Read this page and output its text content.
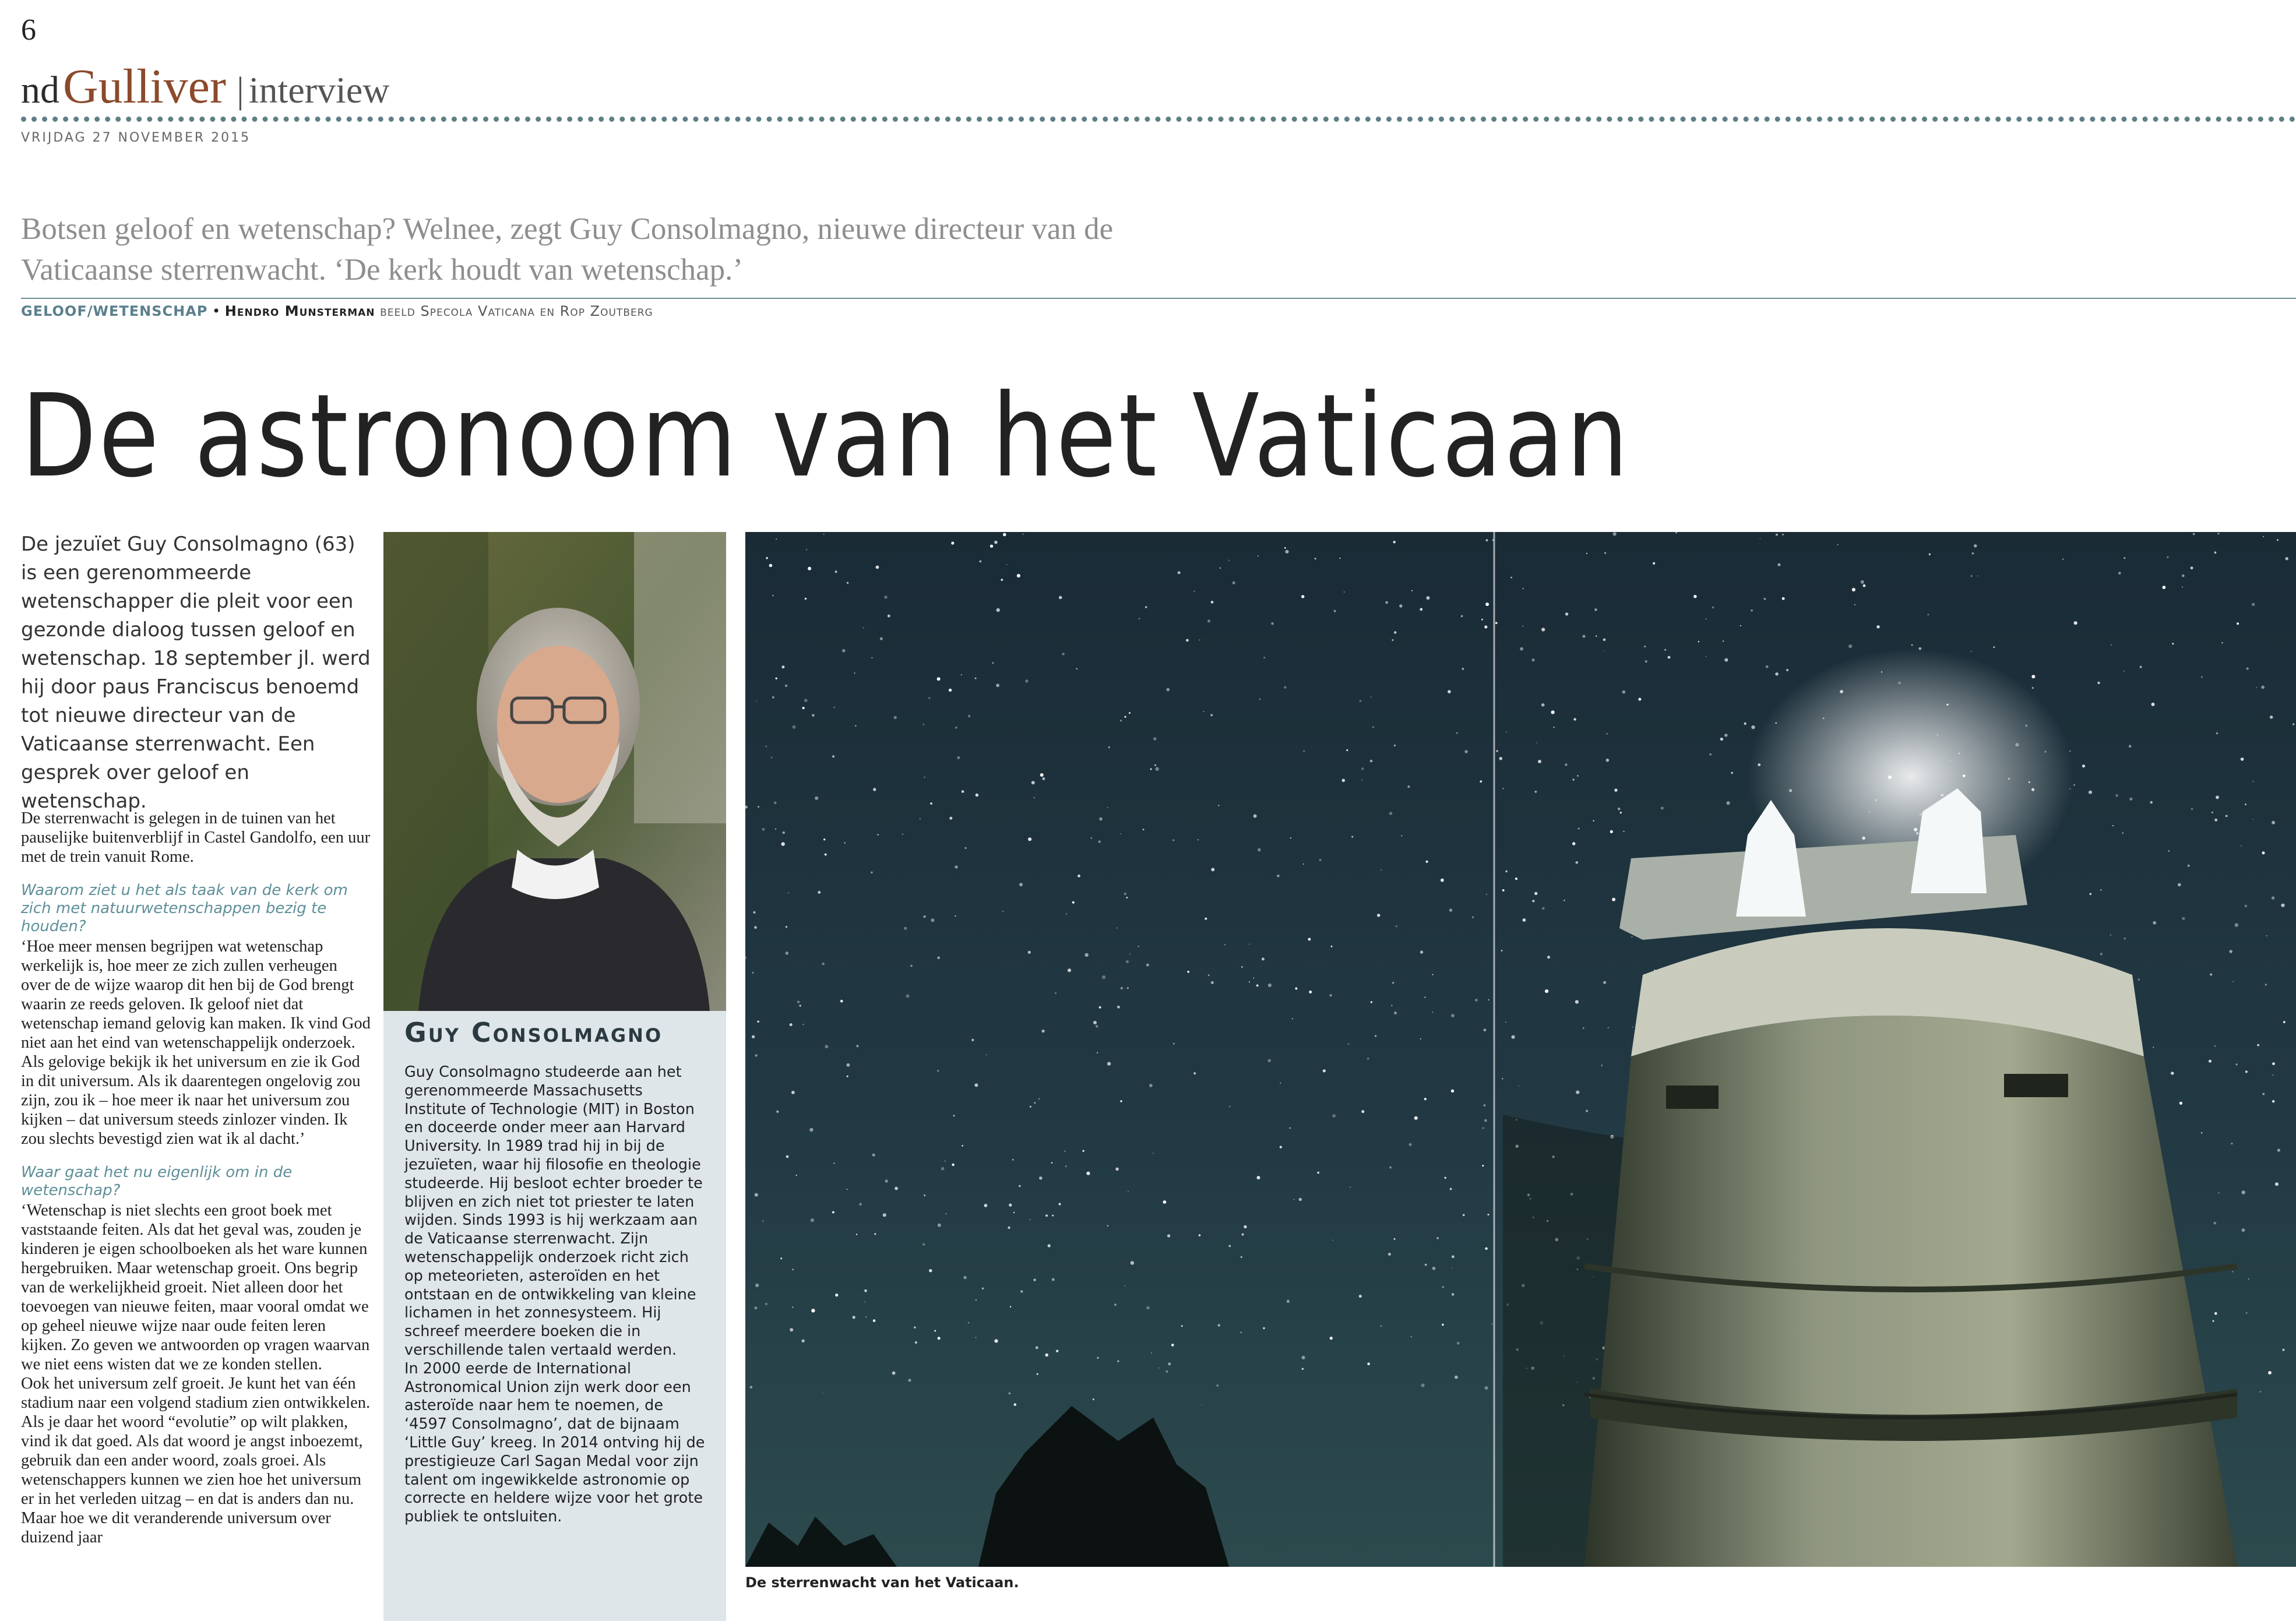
6
ndGulliver | interview
VRIJDAG 27 NOVEMBER 2015
Botsen geloof en wetenschap? Welnee, zegt Guy Consolmagno, nieuwe directeur van de Vaticaanse sterrenwacht. ‘De kerk houdt van wetenschap.’
GELOOF/WETENSCHAP • Hendro Munsterman beeld Specola Vaticana en Rop Zoutberg
De astronoom van het Vaticaan
De jezuïet Guy Consolmagno (63) is een gerenommeerde wetenschapper die pleit voor een gezonde dialoog tussen geloof en wetenschap. 18 september jl. werd hij door paus Franciscus benoemd tot nieuwe directeur van de Vaticaanse sterrenwacht. Een gesprek over geloof en wetenschap.

De sterrenwacht is gelegen in de tuinen van het pauselijke buitenverblijf in Castel Gandolfo, een uur met de trein vanuit Rome.

Waarom ziet u het als taak van de kerk om zich met natuurwetenschappen bezig te houden?

‘Hoe meer mensen begrijpen wat wetenschap werkelijk is, hoe meer ze zich zullen verheugen over de de wijze waarop dit hen bij de God brengt waarin ze reeds geloven. Ik geloof niet dat wetenschap iemand gelovig kan maken. Ik vind God niet aan het eind van wetenschappelijk onderzoek. Als gelovige bekijk ik het universum en zie ik God in dit universum. Als ik daarentegen ongelovig zou zijn, zou ik – hoe meer ik naar het universum zou kijken – dat universum steeds zinlozer vinden. Ik zou slechts bevestigd zien wat ik al dacht.’

Waar gaat het nu eigenlijk om in de wetenschap?

‘Wetenschap is niet slechts een groot boek met vaststaande feiten. Als dat het geval was, zouden je kinderen je eigen schoolboeken als het ware kunnen hergebruiken. Maar wetenschap groeit. Ons begrip van de werkelijkheid groeit. Niet alleen door het toevoegen van nieuwe feiten, maar vooral omdat we op geheel nieuwe wijze naar oude feiten leren kijken. Zo geven we antwoorden op vragen waarvan we niet eens wisten dat we ze konden stellen.

Ook het universum zelf groeit. Je kunt het van één stadium naar een volgend stadium zien ontwikkelen. Als je daar het woord “evolutie” op wilt plakken, vind ik dat goed. Als dat woord je angst inboezemt, gebruik dan een ander woord, zoals groei. Als wetenschappers kunnen we zien hoe het universum er in het verleden uitzag – en dat is anders dan nu. Maar hoe we dit veranderende universum over duizend jaar

Guy Consolmagno
Guy Consolmagno studeerde aan het gerenommeerde Massachusetts Institute of Technologie (MIT) in Boston en doceerde onder meer aan Harvard University. In 1989 trad hij in bij de jezuïeten, waar hij filosofie en theologie studeerde. Hij besloot echter broeder te blijven en zich niet tot priester te laten wijden. Sinds 1993 is hij werkzaam aan de Vaticaanse sterrenwacht. Zijn wetenschappelijk onderzoek richt zich op meteorieten, asteroïden en het ontstaan en de ontwikkeling van kleine lichamen in het zonnesysteem. Hij schreef meerdere boeken die in verschillende talen vertaald werden.
In 2000 eerde de International Astronomical Union zijn werk door een asteroïde naar hem te noemen, de ‘4597 Consolmagno’, dat de bijnaam ‘Little Guy’ kreeg. In 2014 ontving hij de prestigieuze Carl Sagan Medal voor zijn talent om ingewikkelde astronomie op correcte en heldere wijze voor het grote publiek te ontsluiten.
De sterrenwacht van het Vaticaan.
